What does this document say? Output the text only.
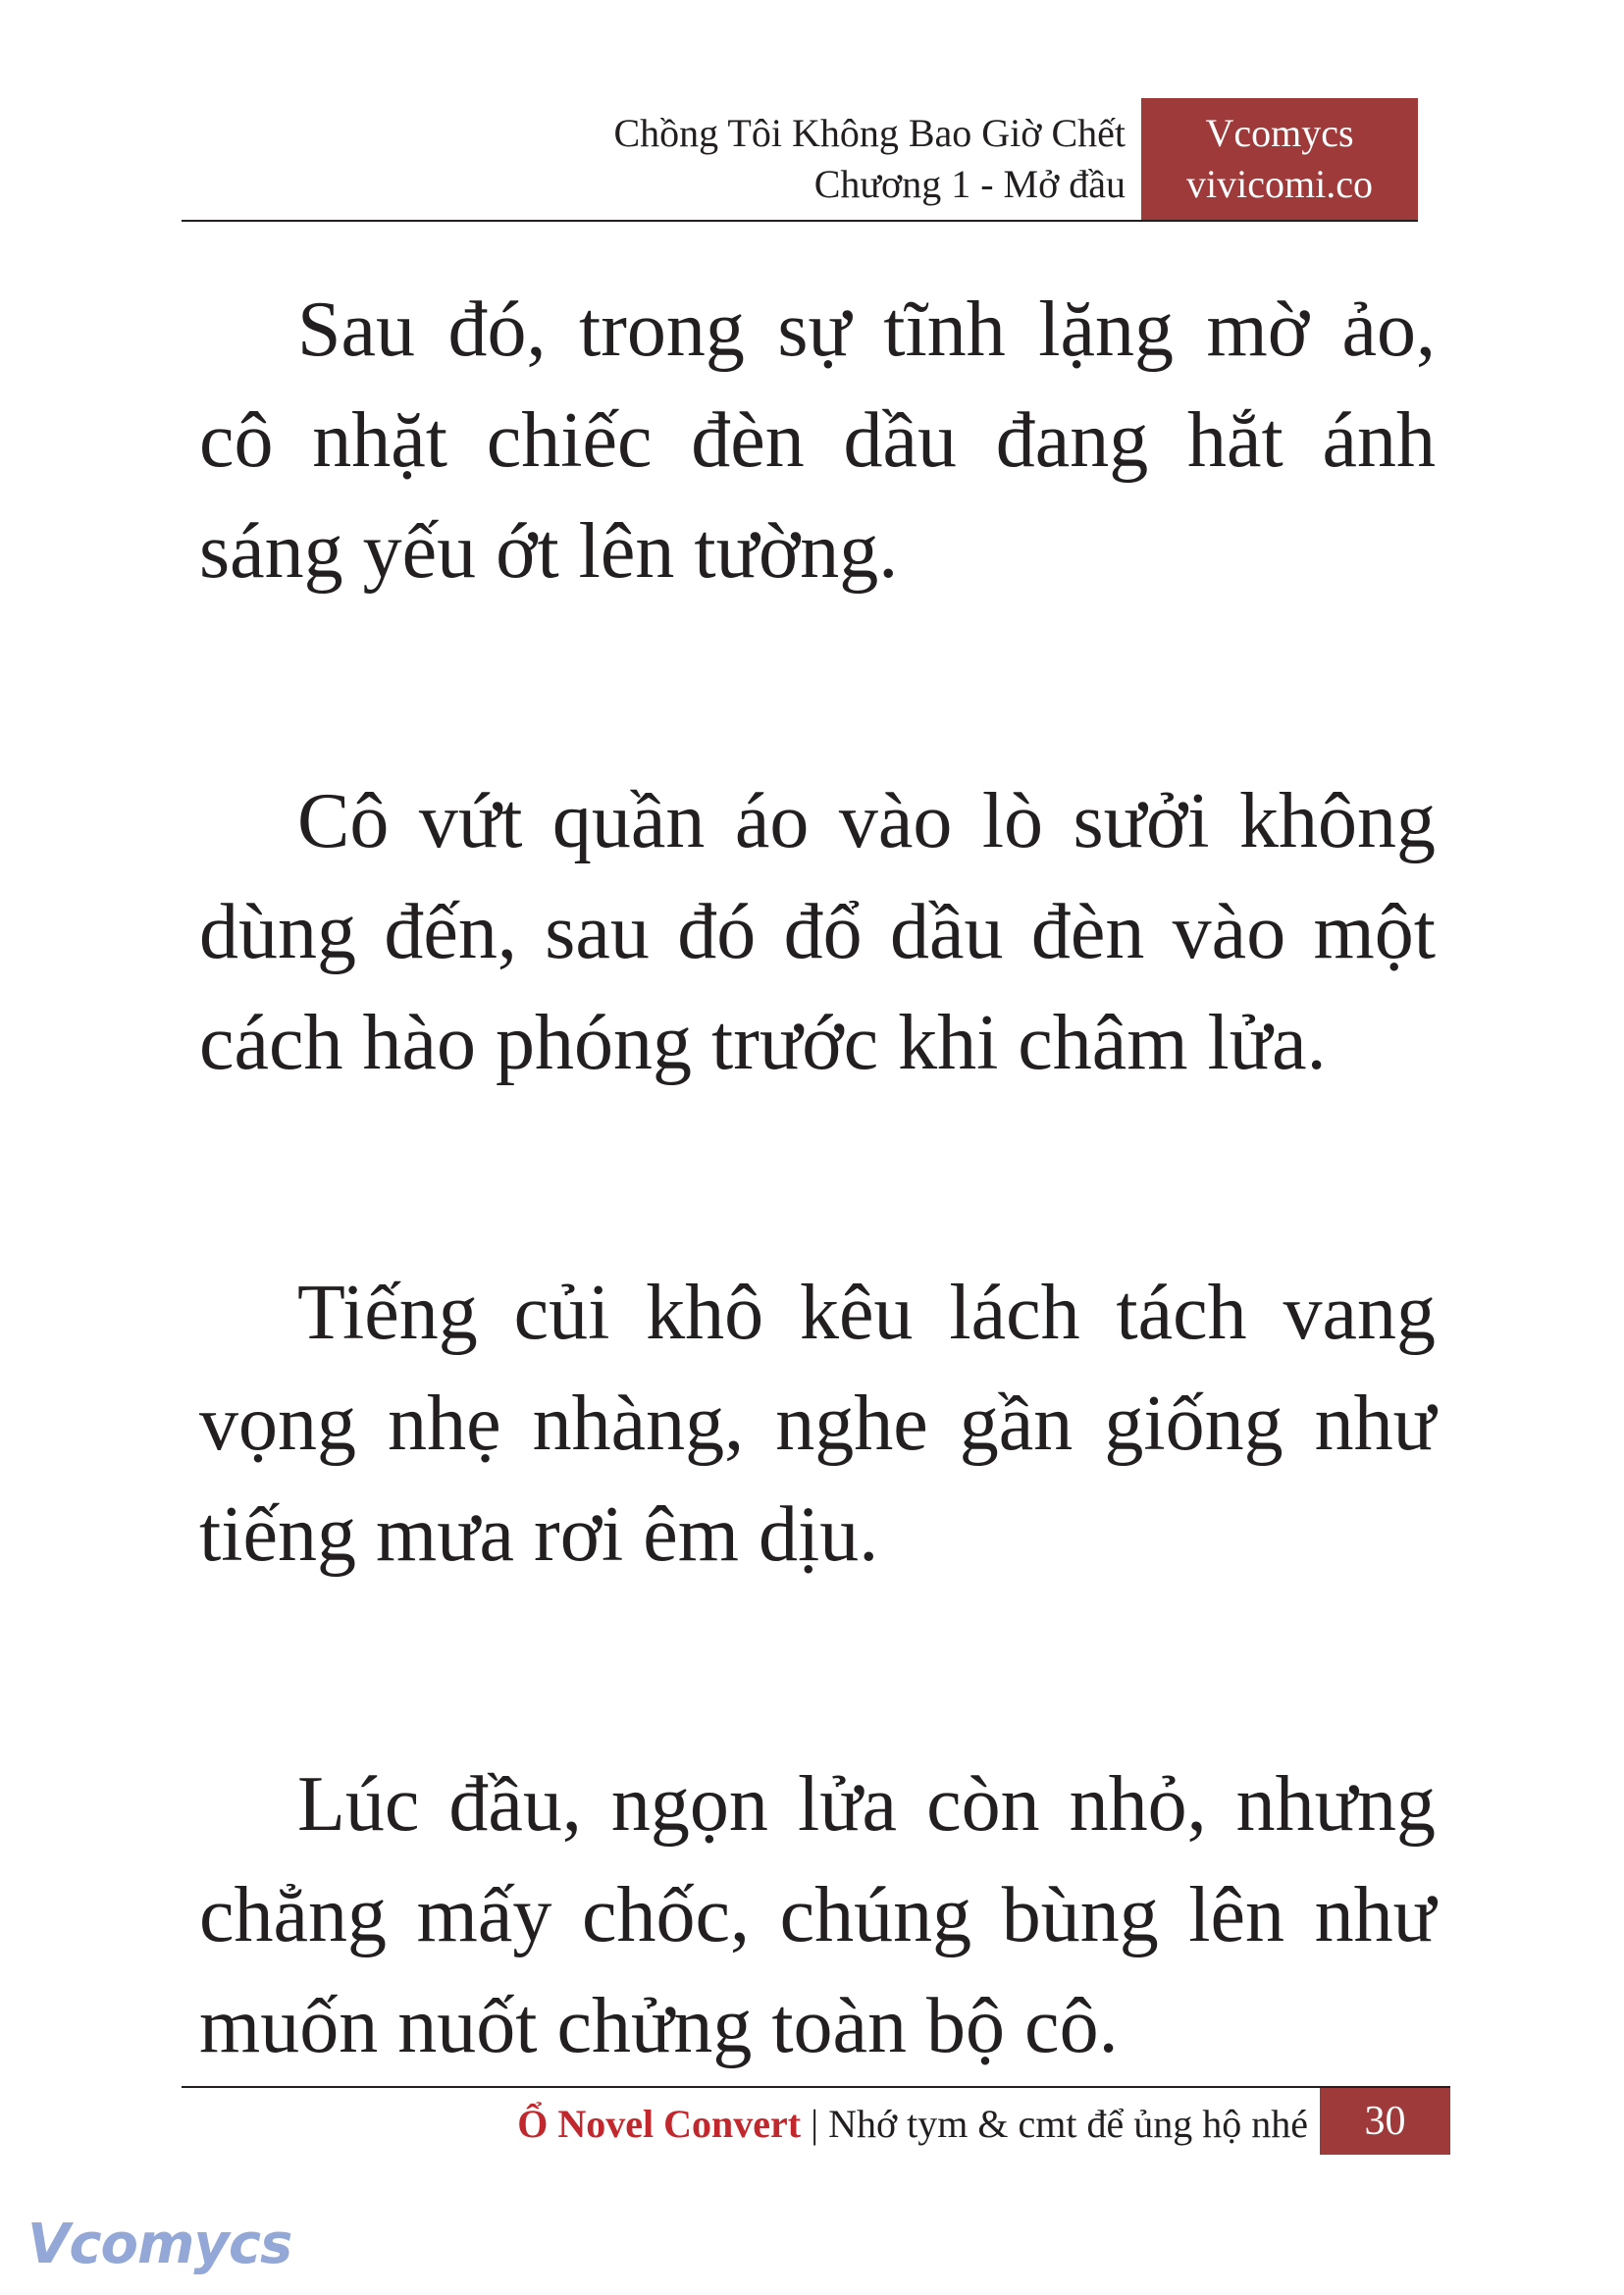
Chồng Tôi Không Bao Giờ Chết
Chương 1 - Mở đầu
Vcomycs
vivicomi.co

Sau đó, trong sự tĩnh lặng mờ ảo, cô nhặt chiếc đèn dầu đang hắt ánh sáng yếu ớt lên tường.

Cô vứt quần áo vào lò sưởi không dùng đến, sau đó đổ dầu đèn vào một cách hào phóng trước khi châm lửa.

Tiếng củi khô kêu lách tách vang vọng nhẹ nhàng, nghe gần giống như tiếng mưa rơi êm dịu.

Lúc đầu, ngọn lửa còn nhỏ, nhưng chẳng mấy chốc, chúng bùng lên như muốn nuốt chửng toàn bộ cô.

Ổ Novel Convert | Nhớ tym & cmt để ủng hộ nhé	30
Vcomycs
